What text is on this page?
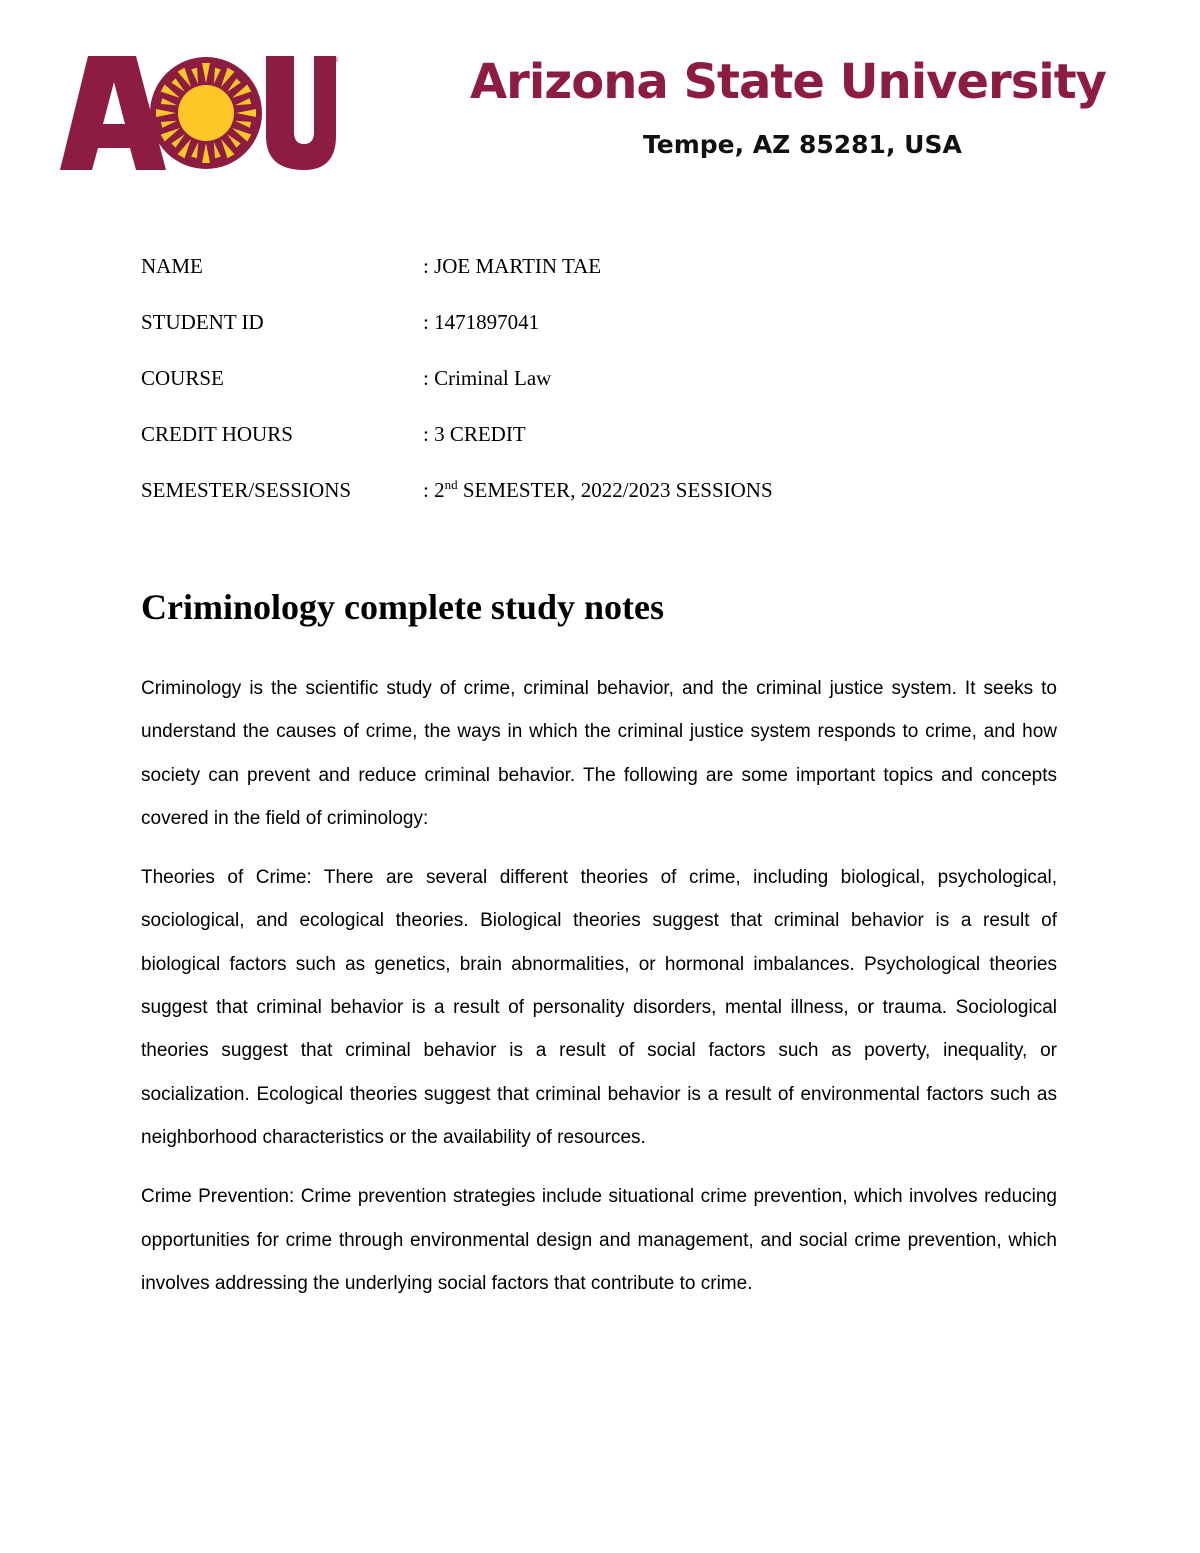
®	Arizona State University
Tempe, AZ 85281, USA
NAME	: JOE MARTIN TAE
STUDENT ID	: 1471897041
COURSE	: Criminal Law
CREDIT HOURS	: 3 CREDIT
SEMESTER/SESSIONS	: 2nd SEMESTER, 2022/2023 SESSIONS
Criminology complete study notes

Criminology is the scientific study of crime, criminal behavior, and the criminal justice system. It seeks to understand the causes of crime, the ways in which the criminal justice system responds to crime, and how society can prevent and reduce criminal behavior. The following are some important topics and concepts covered in the field of criminology:

Theories of Crime: There are several different theories of crime, including biological, psychological, sociological, and ecological theories. Biological theories suggest that criminal behavior is a result of biological factors such as genetics, brain abnormalities, or hormonal imbalances. Psychological theories suggest that criminal behavior is a result of personality disorders, mental illness, or trauma. Sociological theories suggest that criminal behavior is a result of social factors such as poverty, inequality, or socialization. Ecological theories suggest that criminal behavior is a result of environmental factors such as neighborhood characteristics or the availability of resources.

Crime Prevention: Crime prevention strategies include situational crime prevention, which involves reducing opportunities for crime through environmental design and management, and social crime prevention, which involves addressing the underlying social factors that contribute to crime.
